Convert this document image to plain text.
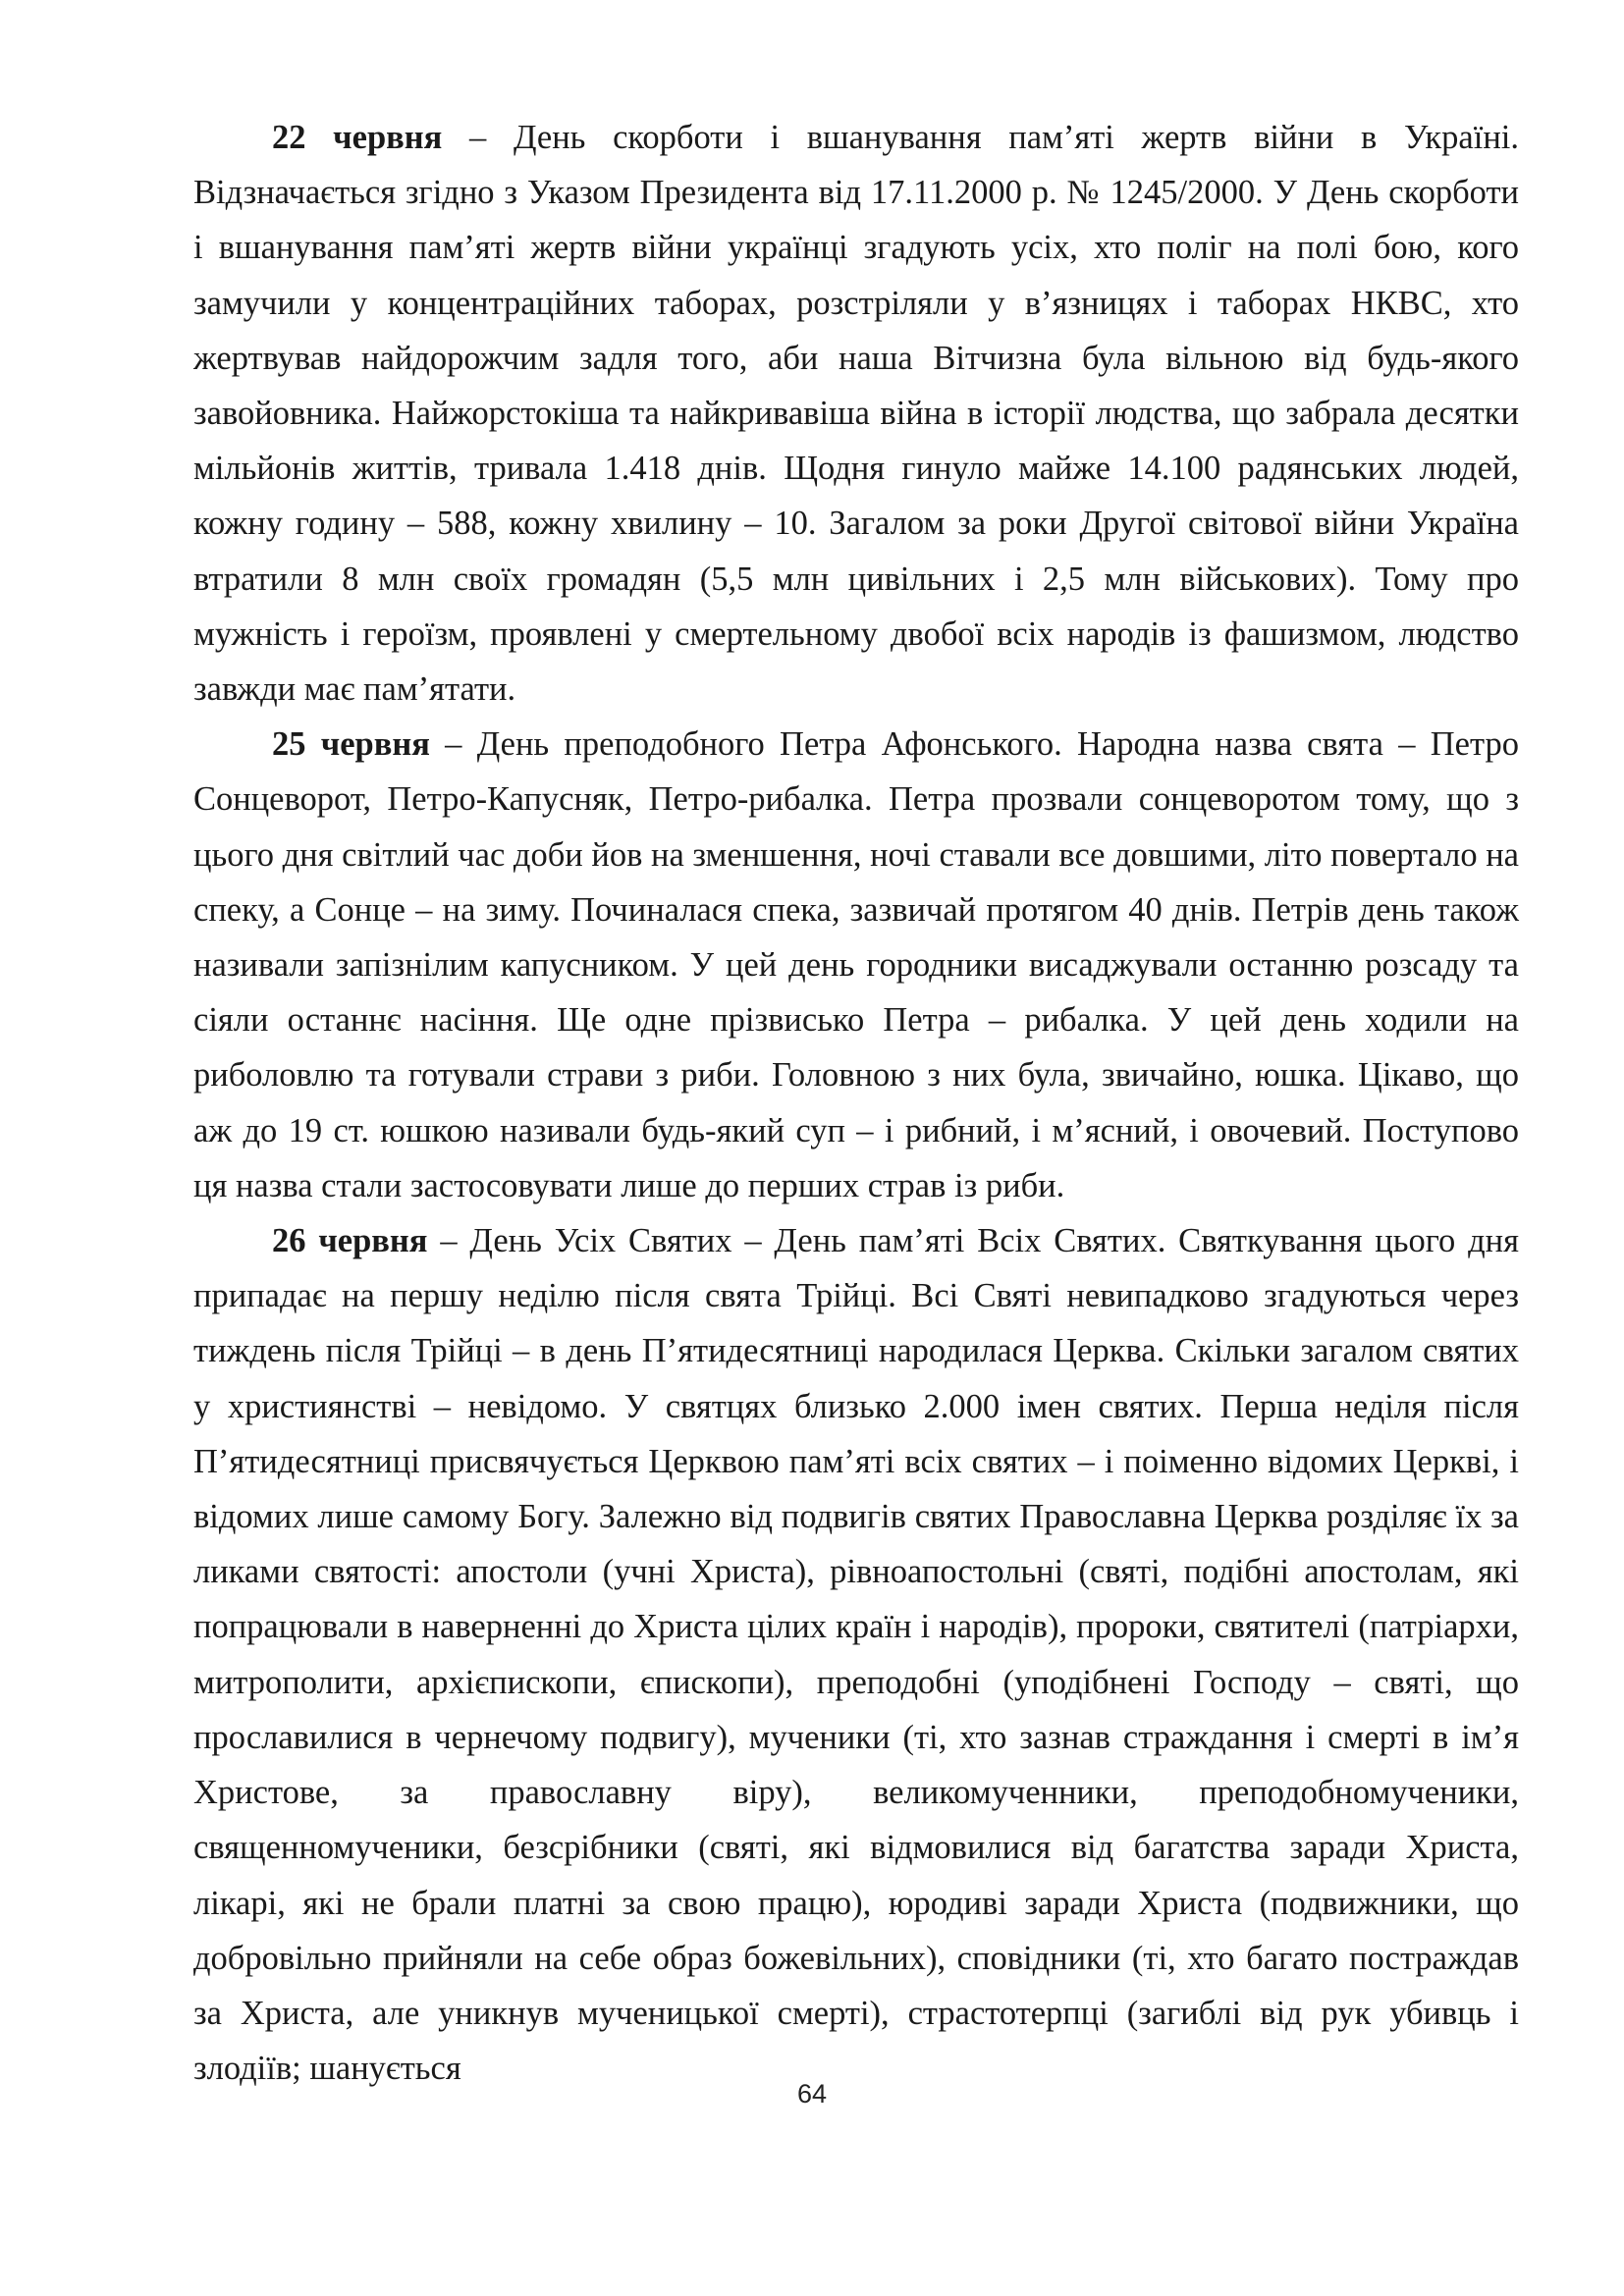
22 червня – День скорботи і вшанування пам’яті жертв війни в Україні. Відзначається згідно з Указом Президента від 17.11.2000 р. № 1245/2000. У День скорботи і вшанування пам’яті жертв війни українці згадують усіх, хто поліг на полі бою, кого замучили у концентраційних таборах, розстріляли у в’язницях і таборах НКВС, хто жертвував найдорожчим задля того, аби наша Вітчизна була вільною від будь-якого завойовника. Найжорстокіша та найкривавіша війна в історії людства, що забрала десятки мільйонів життів, тривала 1.418 днів. Щодня гинуло майже 14.100 радянських людей, кожну годину – 588, кожну хвилину – 10. Загалом за роки Другої світової війни Україна втратили 8 млн своїх громадян (5,5 млн цивільних і 2,5 млн військових). Тому про мужність і героїзм, проявлені у смертельному двобої всіх народів із фашизмом, людство завжди має пам’ятати.

25 червня – День преподобного Петра Афонського. Народна назва свята – Петро Сонцеворот, Петро-Капусняк, Петро-рибалка. Петра прозвали сонцеворотом тому, що з цього дня світлий час доби йов на зменшення, ночі ставали все довшими, літо повертало на спеку, а Сонце – на зиму. Починалася спека, зазвичай протягом 40 днів. Петрів день також називали запізнілим капусником. У цей день городники висаджували останню розсаду та сіяли останнє насіння. Ще одне прізвисько Петра – рибалка. У цей день ходили на риболовлю та готували страви з риби. Головною з них була, звичайно, юшка. Цікаво, що аж до 19 ст. юшкою називали будь-який суп – і рибний, і м’ясний, і овочевий. Поступово ця назва стали застосовувати лише до перших страв із риби.

26 червня – День Усіх Святих – День пам’яті Всіх Святих. Святкування цього дня припадає на першу неділю після свята Трійці. Всі Святі невипадково згадуються через тиждень після Трійці – в день П’ятидесятниці народилася Церква. Скільки загалом святих у християнстві – невідомо. У святцях близько 2.000 імен святих. Перша неділя після П’ятидесятниці присвячується Церквою пам’яті всіх святих – і поіменно відомих Церкві, і відомих лише самому Богу. Залежно від подвигів святих Православна Церква розділяє їх за ликами святості: апостоли (учні Христа), рівноапостольні (святі, подібні апостолам, які попрацювали в наверненні до Христа цілих країн і народів), пророки, святителі (патріархи, митрополити, архієпископи, єпископи), преподобні (уподібнені Господу – святі, що прославилися в чернечому подвигу), мученики (ті, хто зазнав страждання і смерті в ім’я Христове, за православну віру), великомученники, преподобномученики, священномученики, безсрібники (святі, які відмовилися від багатства заради Христа, лікарі, які не брали платні за свою працю), юродиві заради Христа (подвижники, що добровільно прийняли на себе образ божевільних), сповідники (ті, хто багато постраждав за Христа, але уникнув мученицької смерті), страстотерпці (загиблі від рук убивць і злодіїв; шанується

64
